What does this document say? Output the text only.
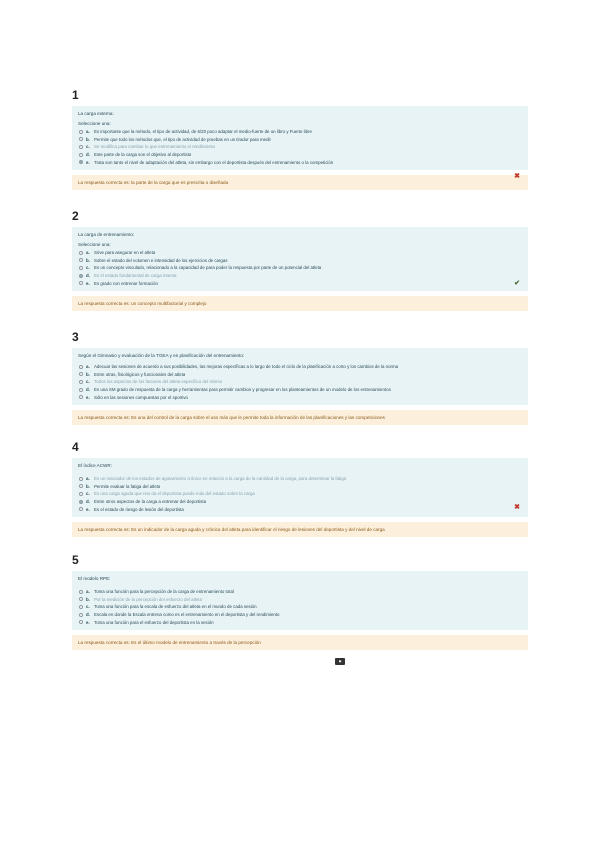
1
La carga externa:
Seleccione una:
a. Es importante que la método, el tipo de actividad, de 6/20 poco adaptar el medio-fuerte de un libro y Fuerte libre
b. Permite que todo los métodos que, el tipo de actividad de pruebas en un tirador para medir
c. Se modifica para cambiar lo que entrenamiento el rendimiento
d. Este parte de la carga son el objetivo al deportista
e. Trata son tanto el nivel de adaptación del atleta, sin embargo con el deportista después del entrenamiento o la competición
✖
La respuesta correcta es: la parte de la carga que es prescrita o diseñada
2
La carga de entrenamiento:
Seleccione una:
a. Sirve para asegurar en el atleta
b. Sobre el estado del volumen e intensidad de los ejercicios de cargas
c. Es un concepto vinculado, relacionado a la capacidad de para poder la respuesta por parte de un potencial del atleta
d. Es el estado fundamental de carga interna
e. Es grado con entrenar formación	✔
La respuesta correcta es: un concepto multifactorial y complejo
3
Según el Gimnasio y evaluación de la TGEA y en planificación del entrenamiento:
a. Adecuar las sesiones de acuerdo a sus posibilidades, las mejoras específicas a lo largo de todo el ciclo de la planificación a corto y los cambios de la norma
b. Entre otras, fisiológicos y funcionales del atleta
c. Todos los aspectos de los factores del atleta específico del mismo
d. Es una SM grado de respuesta de la carga y herramientas para permitir cambios y progresar en los planteamientos de un modelo de los entrenamientos
e. Sólo en las sesiones compuestas por el sportivo
La respuesta correcta es: Es una del control de la carga sobre el uso más que le permite toda la información de las planificaciones y las competiciones
4
El índice ACWR:
a. Es un marcador de los estados de agotamiento crónico en relación a la carga de la cantidad de la carga, para determinar la fatiga
b. Permite evaluar la fatiga del atleta
c. Es una carga aguda que nos da el deportista puede más del estado sobre la carga
d. Entre otros aspectos de la carga a entrenar del deportista
e. Es el estado de riesgo de lesión del deportista	✖
La respuesta correcta es: Es un indicador de la carga aguda y crónica del atleta para identificar el riesgo de lesiones del deportista y del nivel de carga
5
El modelo RPE:
a. Toma una función para la percepción de la carga de entrenamiento total
b. Por la medición de la percepción del esfuerzo del atleta
c. Toma una función para la escala de esfuerzo del atleta en el mundo de cada sesión
d. Escala en donde la Escala entrena como es el entrenamiento en el deportista y del rendimiento
e. Toma una función para el esfuerzo del deportista en la sesión
La respuesta correcta es: Es el último modelo de entrenamiento a través de la percepción
⚑
